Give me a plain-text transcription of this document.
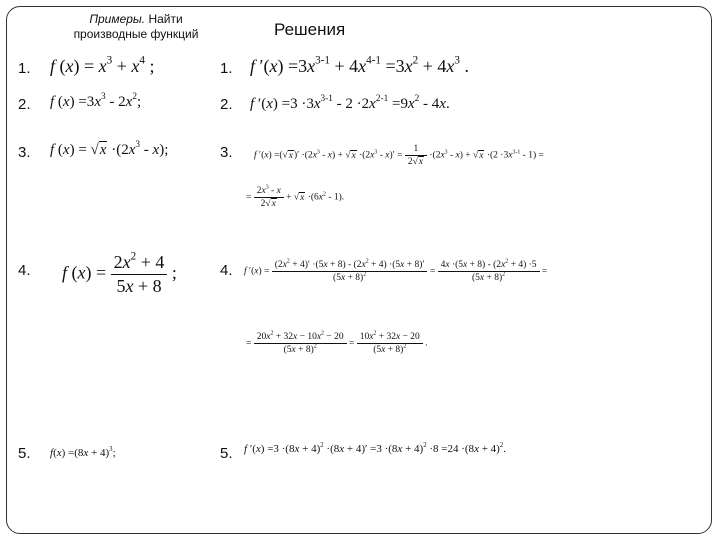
Примеры. Найти
производные функций	Решения
1.
2.
3.
4.
5.
1.
2.
3.
4.
5.
f $(x) = x^3 + x^4$ ;
f $(x) =3x^3 - 2x^2$;
f $(x) = √x \cdot(2x^3 - x)$;
f $(x) = \frac{2x^2 + 4}{5x + 8}$ ;
$f(x) =(8x + 4)^3$;
f $'(x) =3x^{3-1} + 4x^{4-1} =3x^2 + 4x^3$ .
f $'(x) =3 \cdot 3x^{3-1} - 2 \cdot 2x^{2-1} =9x^2 - 4x$.
f $'(x) =(√x)' \cdot(2x^3 - x) + √x \cdot(2x^3 - x)' = \frac{1}{2√x} \cdot(2x^3 - x) + √x \cdot(2 \cdot 3x^{3-1} - 1)$ =
= $\frac{2x^3 - x}{2√x} + √x \cdot(6x^2 - 1)$.
f $'(x) = \frac{(2x^2 + 4)' \cdot(5x + 8) - (2x^2 + 4) \cdot(5x + 8)'}{(5x + 8)^2} = \frac{4x \cdot(5x + 8) - (2x^2 + 4) \cdot 5}{(5x + 8)^2}$ =
= $\frac{20x^2 + 32x - 10x^2 - 20}{(5x + 8)^2} = \frac{10x^2 + 32x - 20}{(5x + 8)^2}$ .
f $'(x) =3 \cdot(8x + 4)^2 \cdot(8x + 4)' =3 \cdot(8x + 4)^2 \cdot 8 =24 \cdot(8x + 4)^2$.
